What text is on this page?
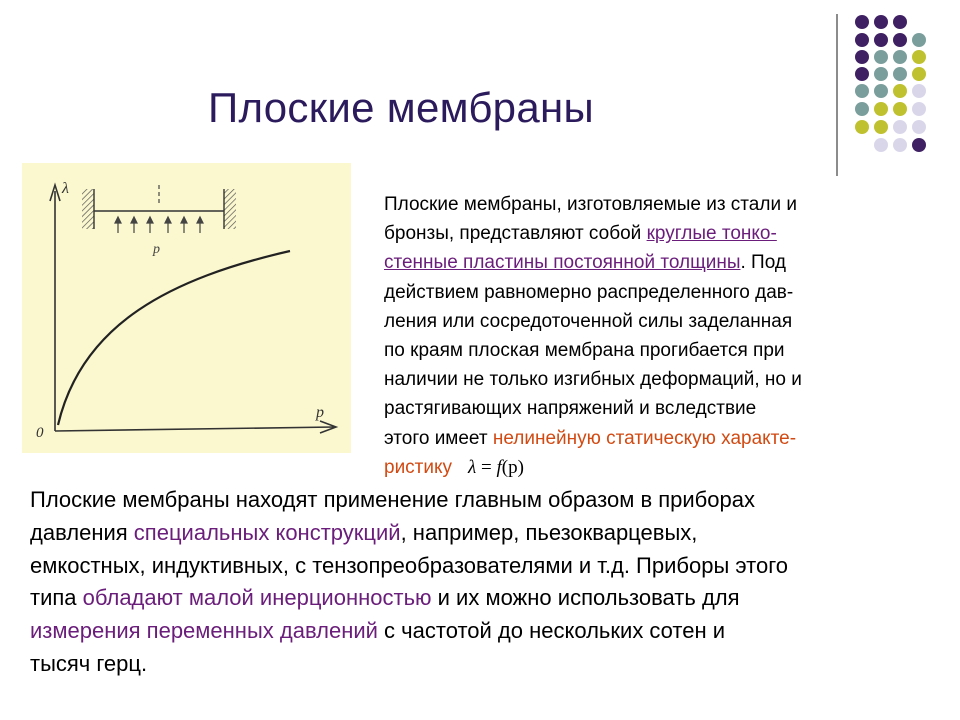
Плоские мембраны
λ
p
0
p

Плоские мембраны, изготовляемые из стали и
бронзы, представляют собой круглые тонко-
стенные пластины постоянной толщины. Под
действием равномерно распределенного дав-
ления или сосредоточенной силы заделанная
по краям плоская мембрана прогибается при
наличии не только изгибных деформаций, но и
растягивающих напряжений и вследствие
этого имеет нелинейную статическую характе-
ристику λ = f(p)

Плоские мембраны находят применение главным образом в приборах
давления специальных конструкций, например, пьезокварцевых,
емкостных, индуктивных, с тензопреобразователями и т.д. Приборы этого
типа обладают малой инерционностью и их можно использовать для
измерения переменных давлений с частотой до нескольких сотен и
тысяч герц.
